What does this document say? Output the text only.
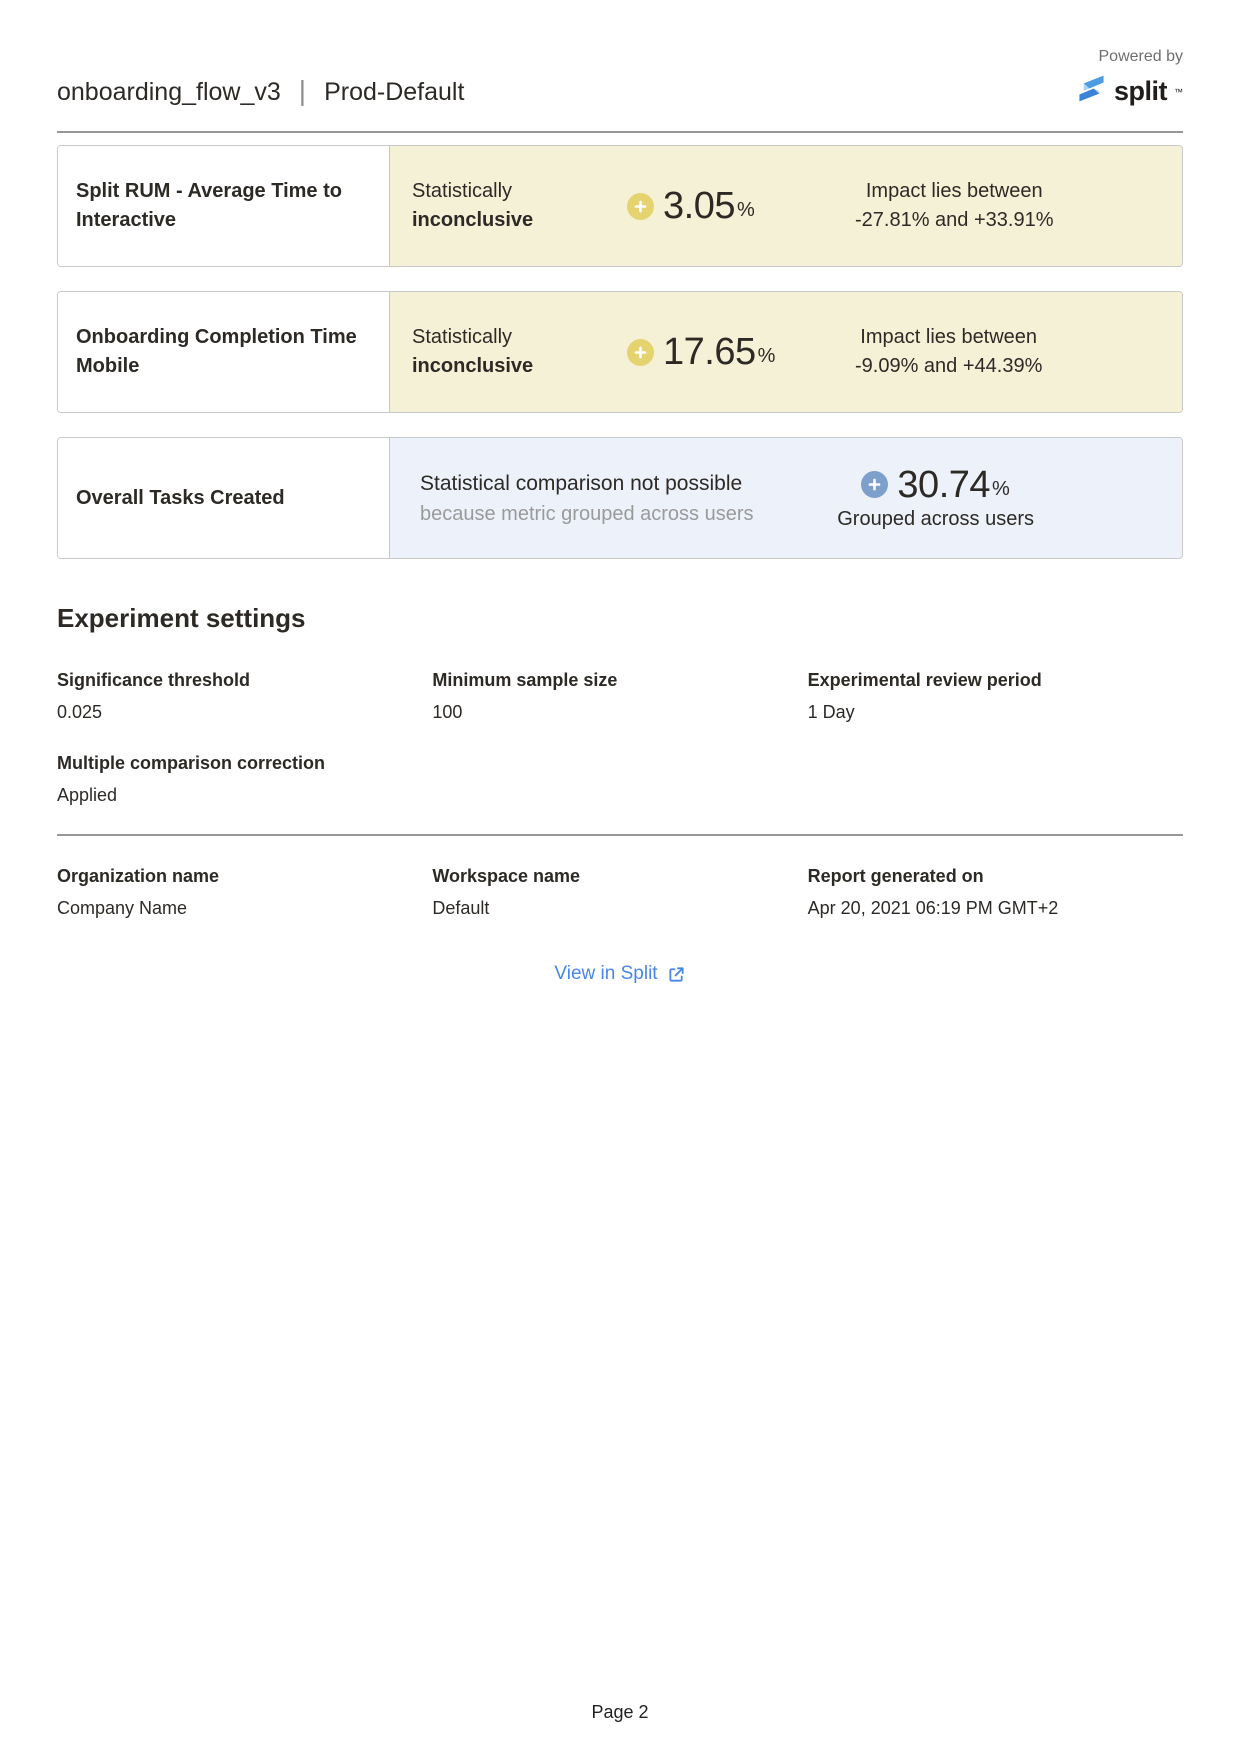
onboarding_flow_v3 | Prod-Default
Powered by
split ™
Split RUM - Average Time to Interactive
Statistically
inconclusive	3.05 %
Impact lies between
-27.81% and +33.91%
Onboarding Completion Time Mobile
Statistically
inconclusive	17.65 %
Impact lies between
-9.09% and +44.39%
Overall Tasks Created
Statistical comparison not possible
because metric grouped across users
30.74 %
Grouped across users
Experiment settings
Significance threshold
0.025
Minimum sample size
100
Experimental review period
1 Day
Multiple comparison correction
Applied
Organization name
Company Name
Workspace name
Default
Report generated on
Apr 20, 2021 06:19 PM GMT+2
View in Split
Page 2
